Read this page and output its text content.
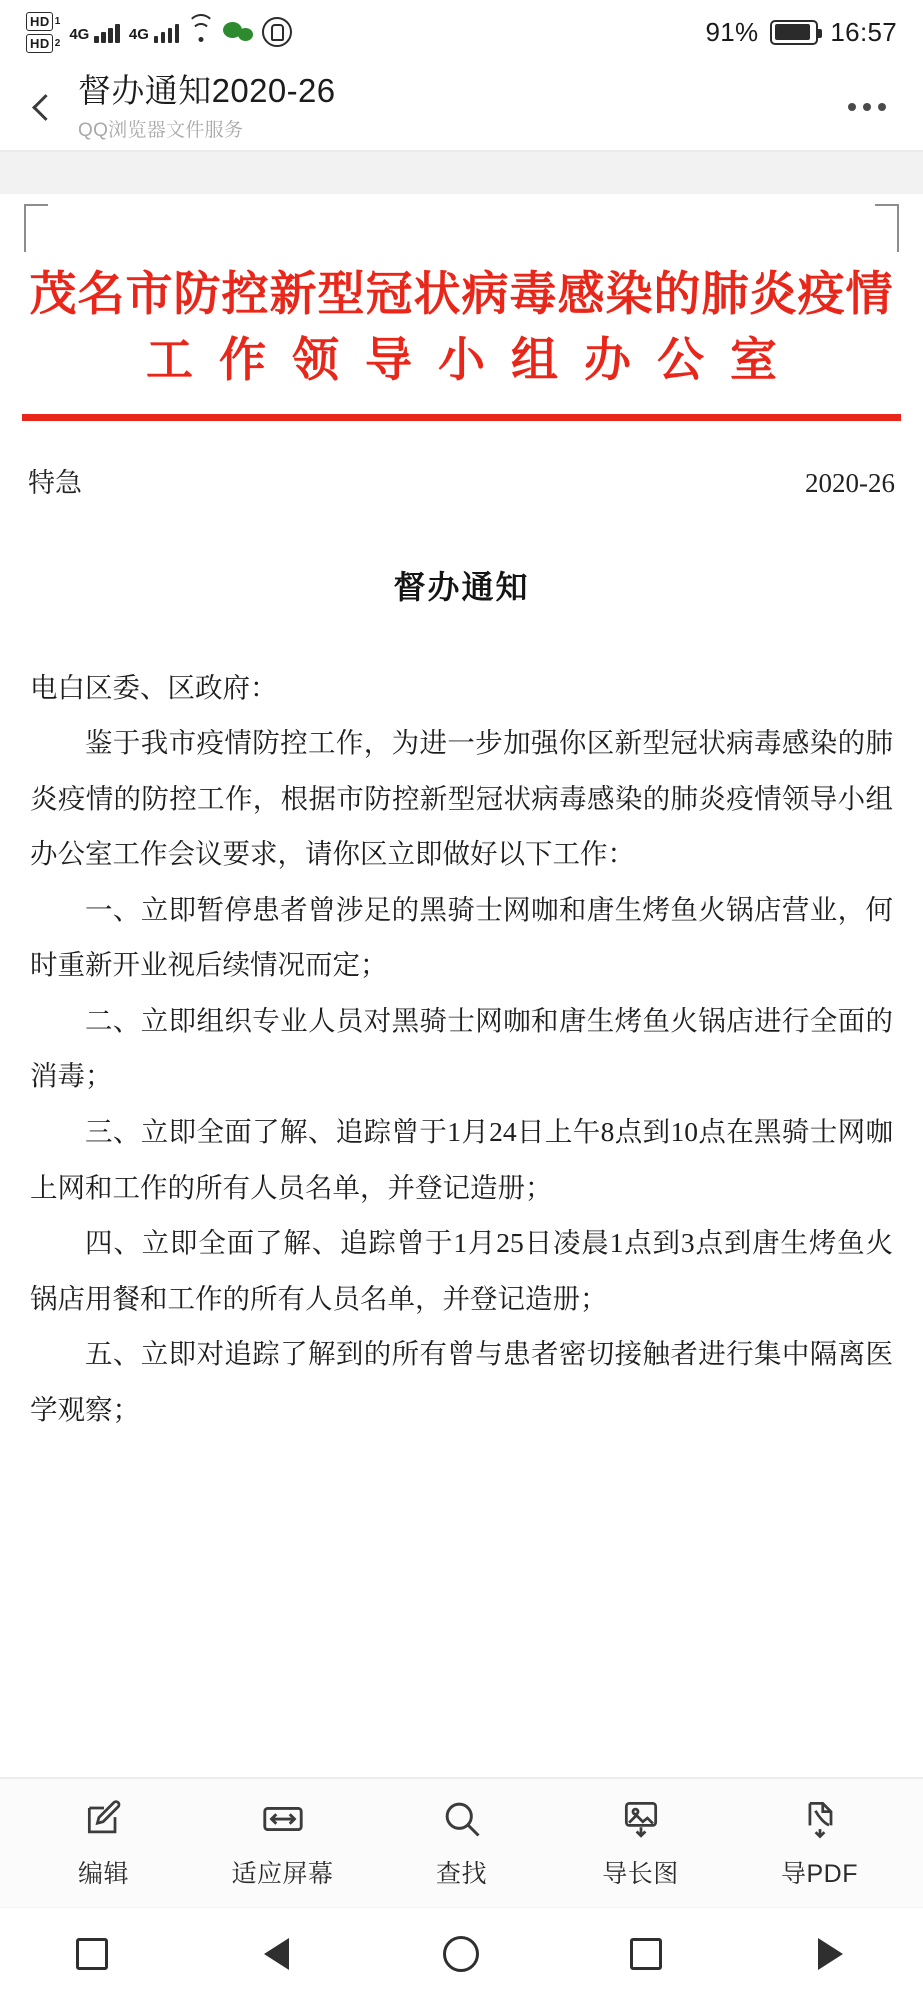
HD 1
HD 2 4G	4G	91%	16:57
督办通知2020-26
QQ浏览器文件服务
茂名市防控新型冠状病毒感染的肺炎疫情
工作领导小组办公室
特急	2020-26
督办通知

电白区委、区政府：

鉴于我市疫情防控工作，为进一步加强你区新型冠状病毒感染的肺炎疫情的防控工作，根据市防控新型冠状病毒感染的肺炎疫情领导小组办公室工作会议要求，请你区立即做好以下工作：

一、立即暂停患者曾涉足的黑骑士网咖和唐生烤鱼火锅店营业，何时重新开业视后续情况而定；

二、立即组织专业人员对黑骑士网咖和唐生烤鱼火锅店进行全面的消毒；

三、立即全面了解、追踪曾于1月24日上午8点到10点在黑骑士网咖上网和工作的所有人员名单，并登记造册；

四、立即全面了解、追踪曾于1月25日凌晨1点到3点到唐生烤鱼火锅店用餐和工作的所有人员名单，并登记造册；

五、立即对追踪了解到的所有曾与患者密切接触者进行集中隔离医学观察；

编辑	适应屏幕	查找	导长图	导PDF
